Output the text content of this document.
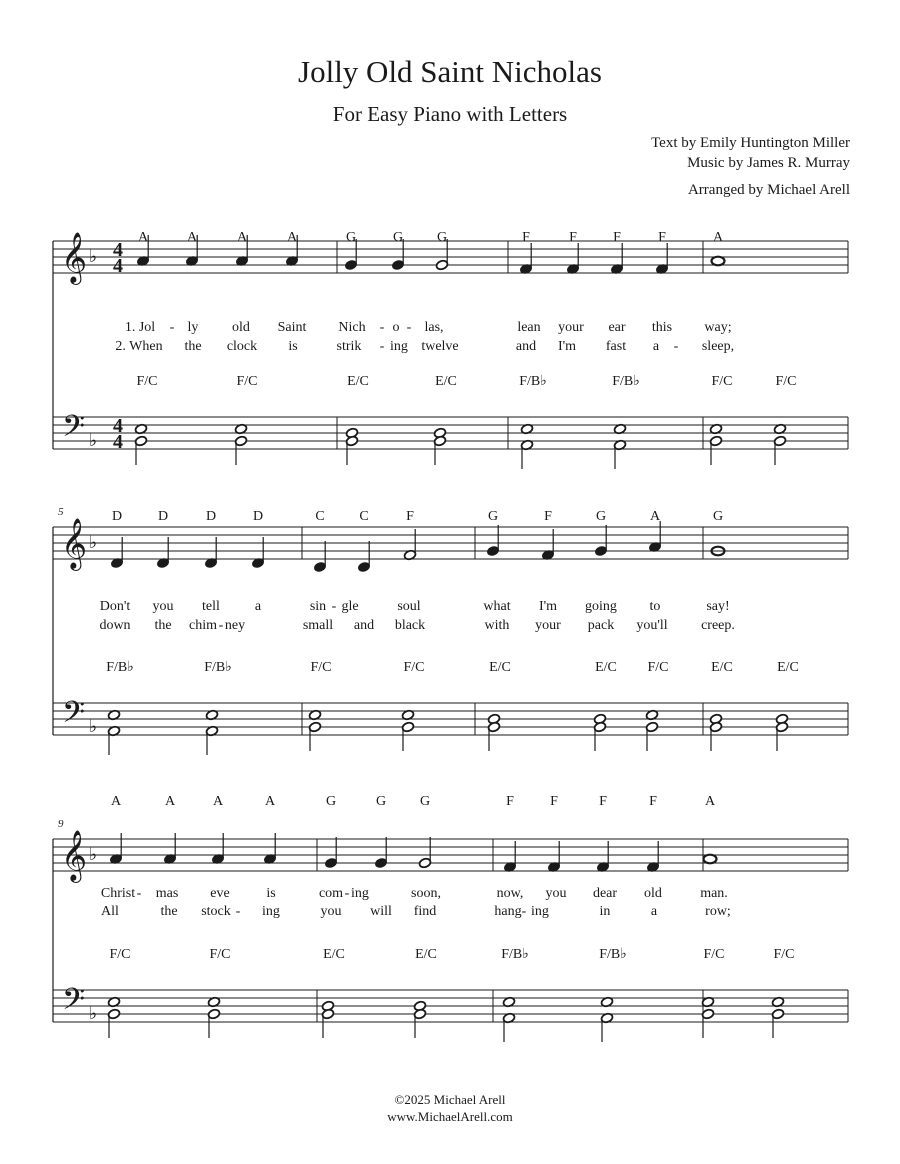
Jolly Old Saint Nicholas
For Easy Piano with Letters
Text by Emily Huntington Miller
Music by James R. Murray
Arranged by Michael Arell
𝄞
𝄢
♭
♭
4
4
4
4
A	A	A	A	G	G G	F	F	F	F	A
1. Jol - ly old Saint Nich - o - las,	lean your ear this way;
2. When the clock is	strik - ing twelve	and I'm fast a - sleep,
F/C	F/C	E/C	E/C	F/B♭	F/B♭	F/C	F/C
𝄞
𝄢
♭
♭
5	D	D	D	D	C C	F	G	F	G	A	G
Don't you tell a	sin - gle	soul	what I'm going to	say!
down the chim - ney	small and black	with your pack you'll creep.
F/B♭	F/B♭	F/C	F/C	E/C	E/C F/C	E/C	E/C
𝄞
𝄢
♭
♭
9
A	A	A	A	G	G G	F	F	F	F	A
Christ - mas eve	is	com - ing	soon,	now, you dear old	man.
All	the stock - ing	you will find	hang - ing	in	a	row;
F/C	F/C	E/C	E/C	F/B♭	F/B♭	F/C	F/C
©2025 Michael Arell
www.MichaelArell.com
